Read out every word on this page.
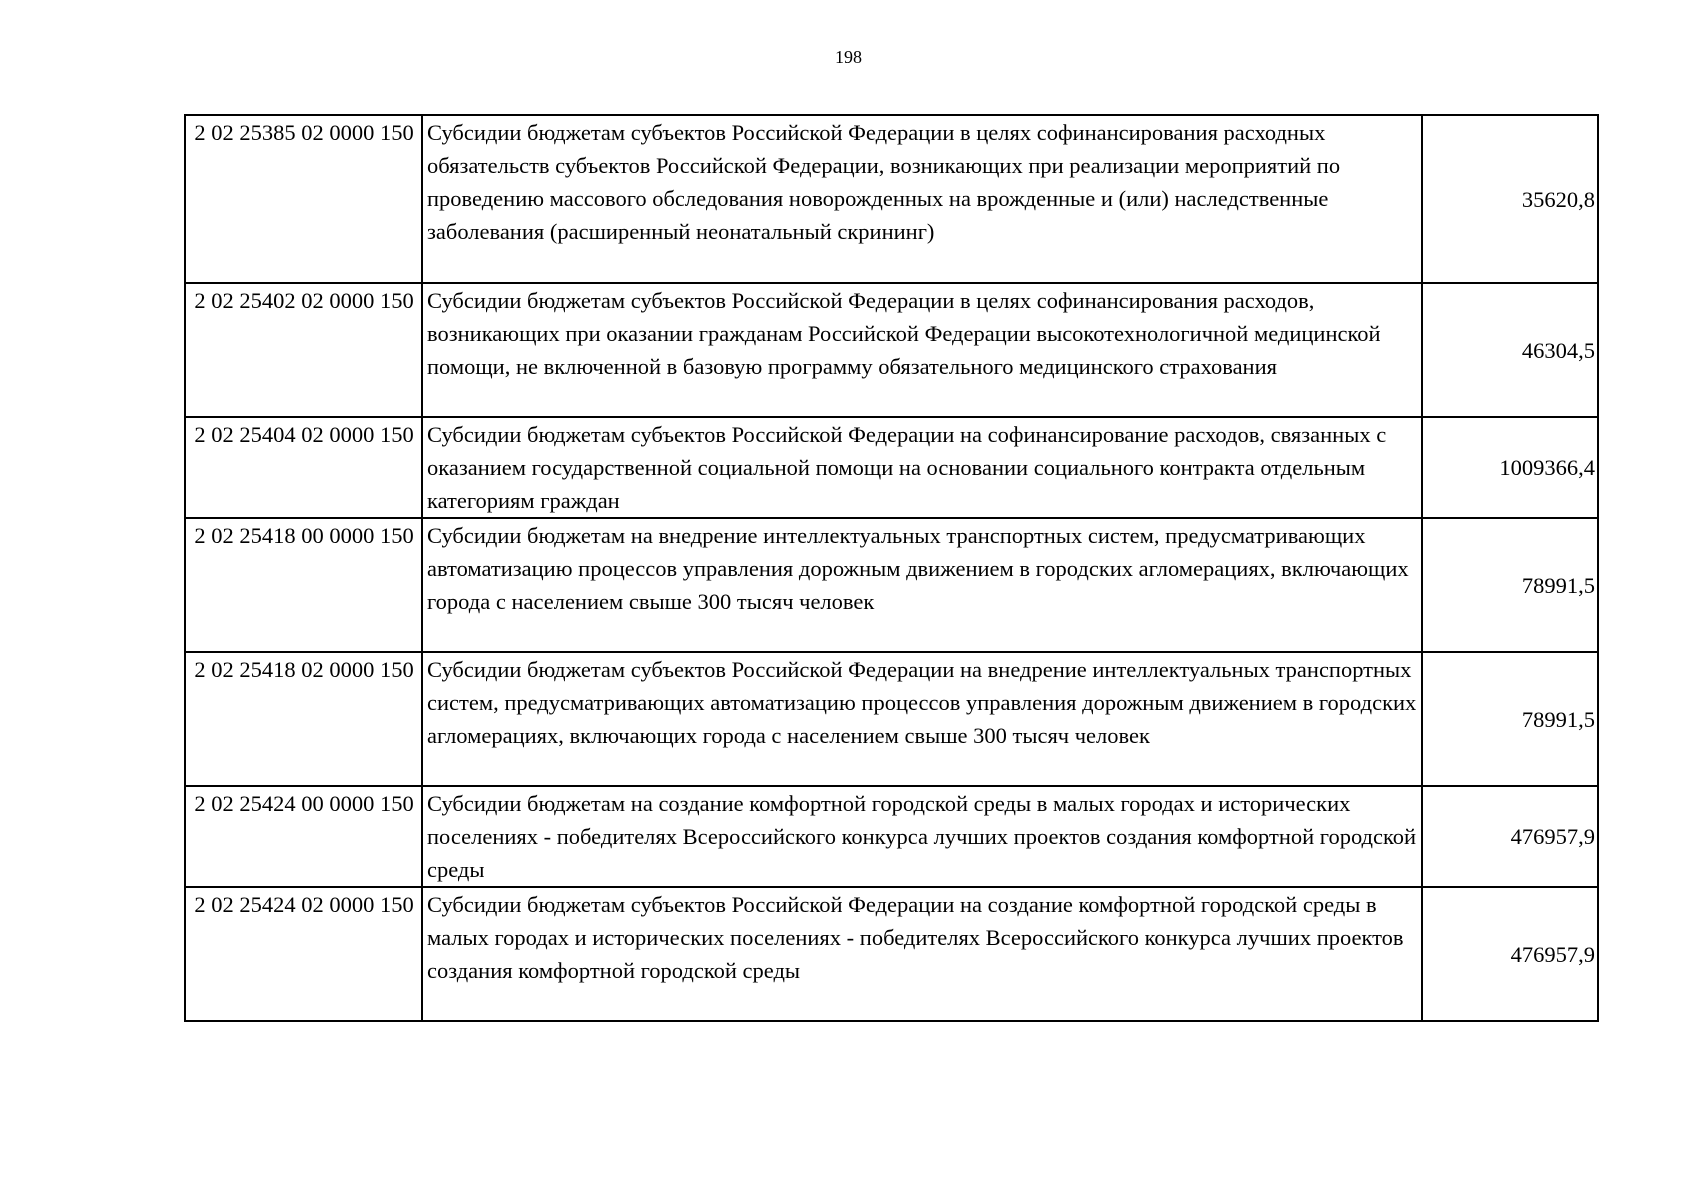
198
2 02 25385 02 0000 150	Субсидии бюджетам субъектов Российской Федерации в целях софинансирования расходных обязательств субъектов Российской Федерации, возникающих при реализации мероприятий по проведению массового обследования новорожденных на врожденные и (или) наследственные заболевания (расширенный неонатальный скрининг)	35620,8
2 02 25402 02 0000 150	Субсидии бюджетам субъектов Российской Федерации в целях софинансирования расходов, возникающих при оказании гражданам Российской Федерации высокотехнологичной медицинской помощи, не включенной в базовую программу обязательного медицинского страхования	46304,5
2 02 25404 02 0000 150	Субсидии бюджетам субъектов Российской Федерации на софинансирование расходов, связанных с оказанием государственной социальной помощи на основании социального контракта отдельным категориям граждан	1009366,4
2 02 25418 00 0000 150	Субсидии бюджетам на внедрение интеллектуальных транспортных систем, предусматривающих автоматизацию процессов управления дорожным движением в городских агломерациях, включающих города с населением свыше 300 тысяч человек	78991,5
2 02 25418 02 0000 150	Субсидии бюджетам субъектов Российской Федерации на внедрение интеллектуальных транспортных систем, предусматривающих автоматизацию процессов управления дорожным движением в городских агломерациях, включающих города с населением свыше 300 тысяч человек	78991,5
2 02 25424 00 0000 150	Субсидии бюджетам на создание комфортной городской среды в малых городах и исторических поселениях - победителях Всероссийского конкурса лучших проектов создания комфортной городской среды	476957,9
2 02 25424 02 0000 150	Субсидии бюджетам субъектов Российской Федерации на создание комфортной городской среды в малых городах и исторических поселениях - победителях Всероссийского конкурса лучших проектов создания комфортной городской среды	476957,9
